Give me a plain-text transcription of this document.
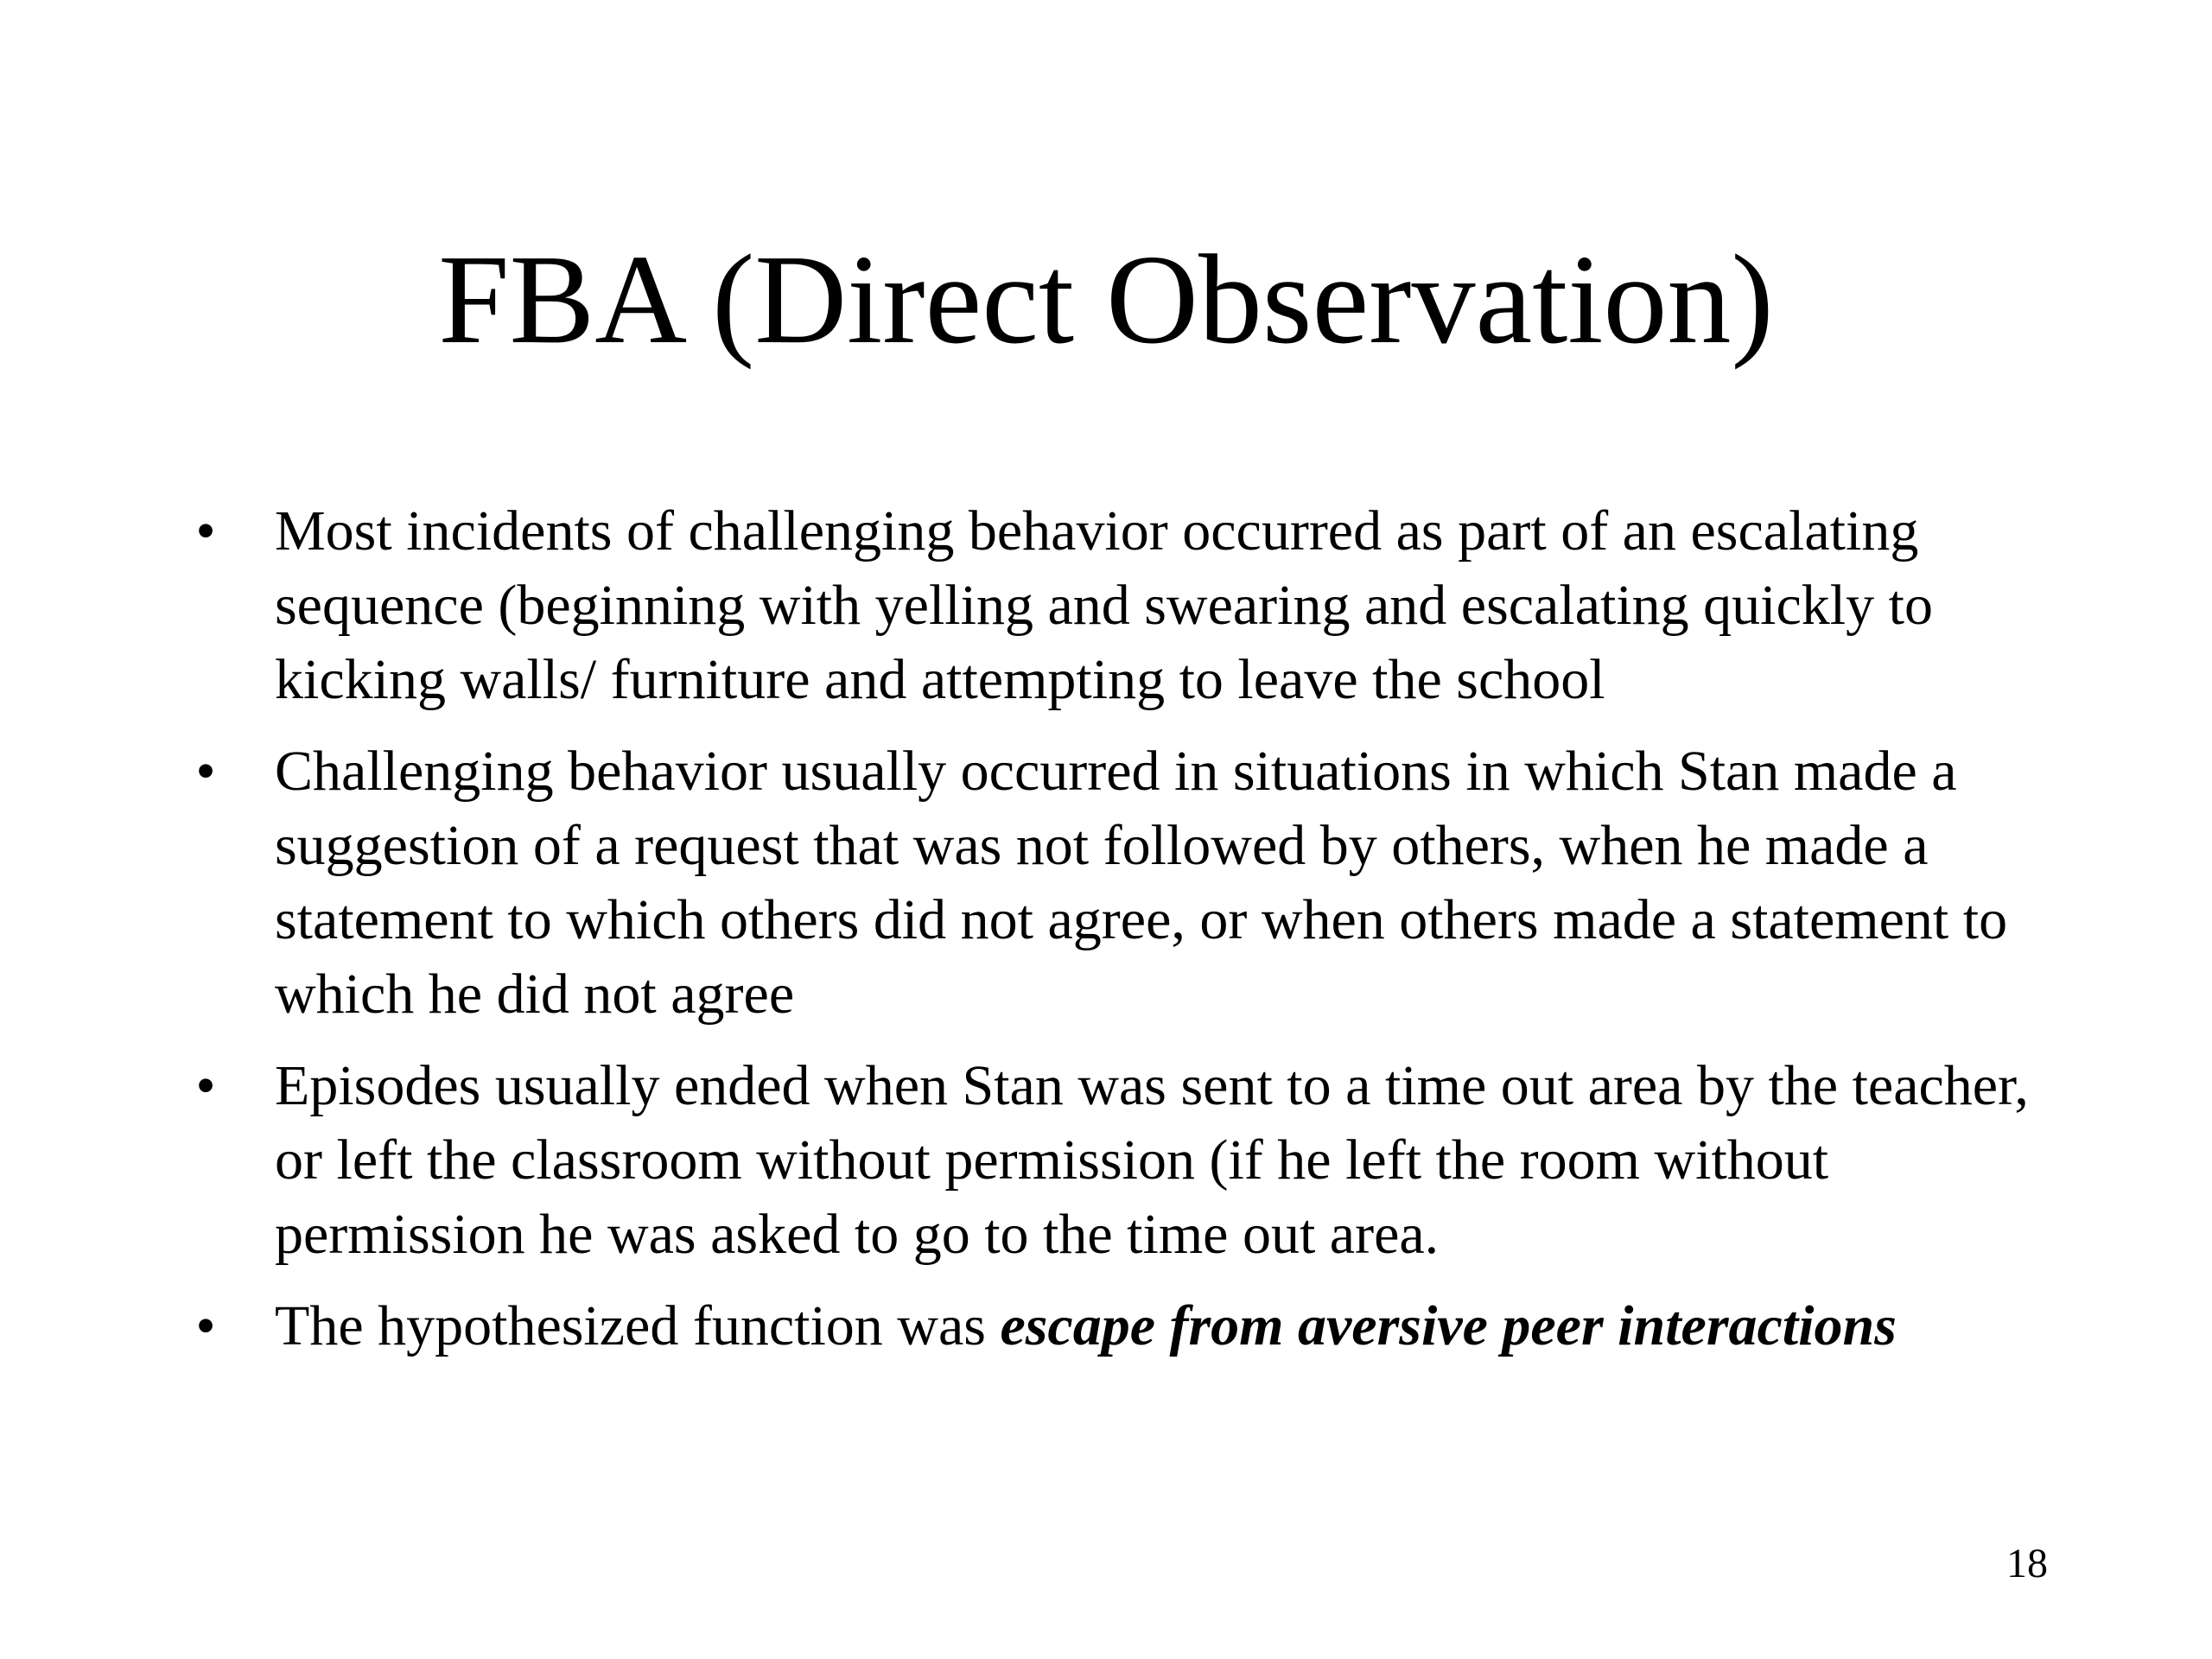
FBA (Direct Observation)
• Most incidents of challenging behavior occurred as part of an escalating sequence (beginning with yelling and swearing and escalating quickly to kicking walls/ furniture and attempting to leave the school
• Challenging behavior usually occurred in situations in which Stan made a suggestion of a request that was not followed by others, when he made a statement to which others did not agree, or when others made a statement to which he did not agree
• Episodes usually ended when Stan was sent to a time out area by the teacher, or left the classroom without permission (if he left the room without permission he was asked to go to the time out area.
• The hypothesized function was escape from aversive peer interactions
18
